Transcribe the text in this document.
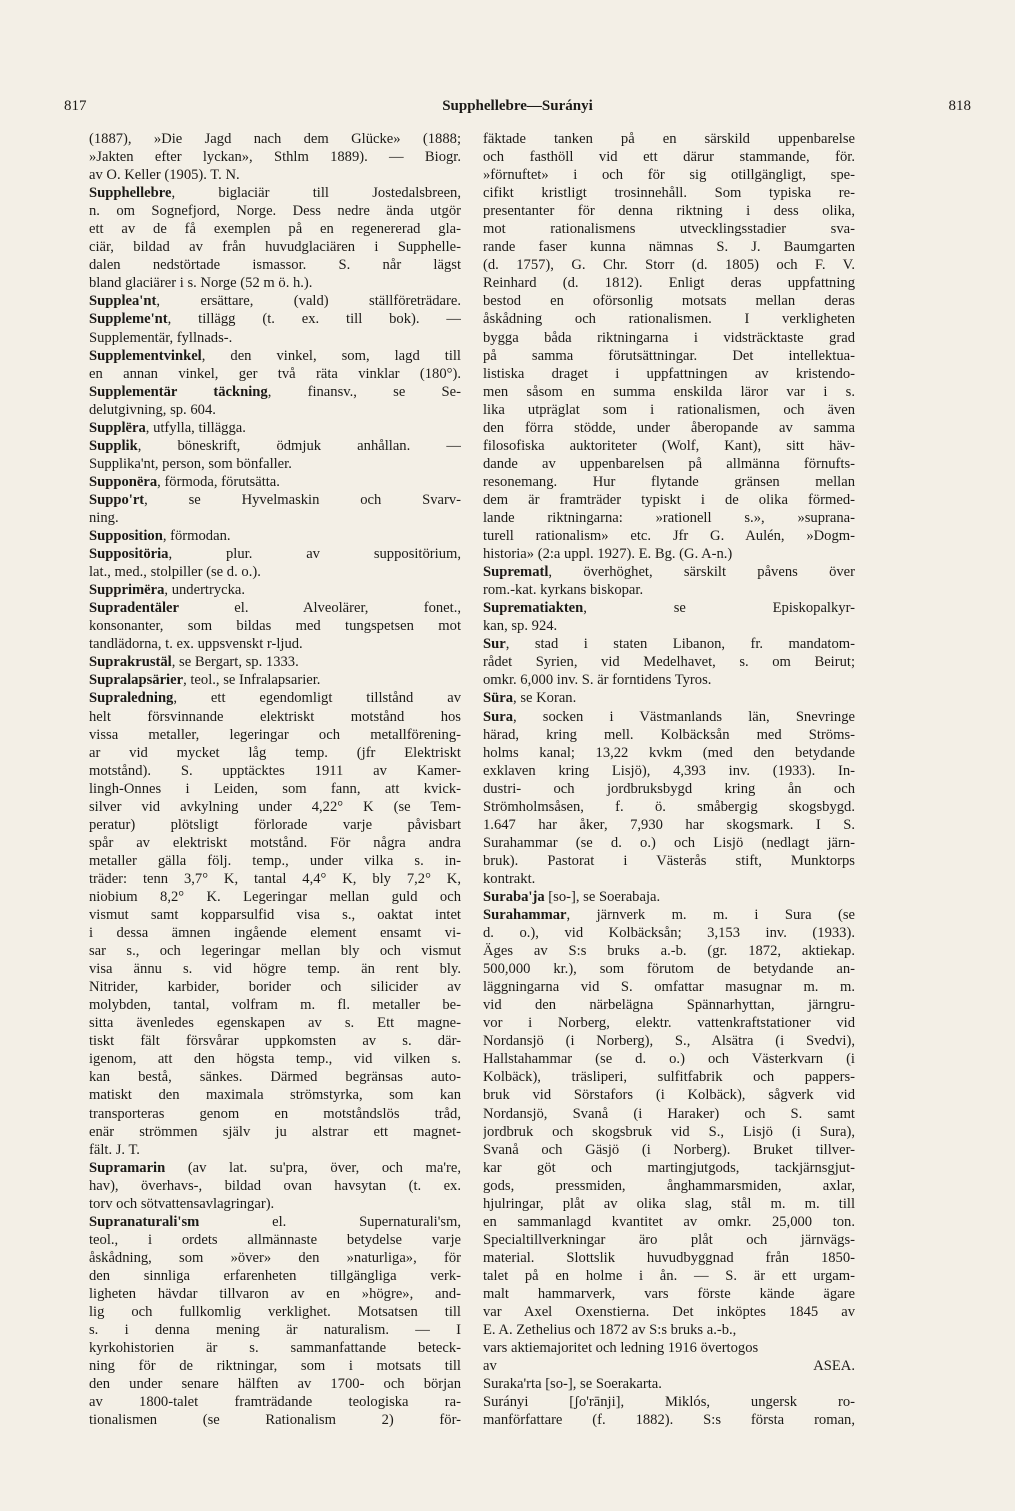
817	Supphellebre—Surányi	818
(1887), »Die Jagd nach dem Glücke» (1888;
»Jakten efter lyckan», Sthlm 1889). — Biogr.
av O. Keller (1905). T. N.
Supphellebre, biglaciär till Jostedalsbreen,
n. om Sognefjord, Norge. Dess nedre ända utgör
ett av de få exemplen på en regenererad gla-
ciär, bildad av från huvudglaciären i Supphelle-
dalen nedstörtade ismassor. S. når lägst
bland glaciärer i s. Norge (52 m ö. h.).
Supplea'nt, ersättare, (vald) ställföreträdare.
Suppleme'nt, tillägg (t. ex. till bok). —
Supplementär, fyllnads-.
Supplementvinkel, den vinkel, som, lagd till
en annan vinkel, ger två räta vinklar (180°).
Supplementär täckning, finansv., se Se-
delutgivning, sp. 604.
Supplëra, utfylla, tillägga.
Supplik, böneskrift, ödmjuk anhållan. —
Supplika'nt, person, som bönfaller.
Supponëra, förmoda, förutsätta.
Suppo'rt, se Hyvelmaskin och Svarv-
ning.
Supposition, förmodan.
Suppositöria, plur. av suppositörium,
lat., med., stolpiller (se d. o.).
Supprimëra, undertrycka.
Supradentäler el. Alveolärer, fonet.,
konsonanter, som bildas med tungspetsen mot
tandlädorna, t. ex. uppsvenskt r-ljud.
Suprakrustäl, se Bergart, sp. 1333.
Supralapsärier, teol., se Infralapsarier.
Supraledning, ett egendomligt tillstånd av
helt försvinnande elektriskt motstånd hos
vissa metaller, legeringar och metallförening-
ar vid mycket låg temp. (jfr Elektriskt
motstånd). S. upptäcktes 1911 av Kamer-
lingh-Onnes i Leiden, som fann, att kvick-
silver vid avkylning under 4,22° K (se Tem-
peratur) plötsligt förlorade varje påvisbart
spår av elektriskt motstånd. För några andra
metaller gälla följ. temp., under vilka s. in-
träder: tenn 3,7° K, tantal 4,4° K, bly 7,2° K,
niobium 8,2° K. Legeringar mellan guld och
vismut samt kopparsulfid visa s., oaktat intet
i dessa ämnen ingående element ensamt vi-
sar s., och legeringar mellan bly och vismut
visa ännu s. vid högre temp. än rent bly.
Nitrider, karbider, borider och silicider av
molybden, tantal, volfram m. fl. metaller be-
sitta ävenledes egenskapen av s. Ett magne-
tiskt fält försvårar uppkomsten av s. där-
igenom, att den högsta temp., vid vilken s.
kan bestå, sänkes. Därmed begränsas auto-
matiskt den maximala strömstyrka, som kan
transporteras genom en motståndslös tråd,
enär strömmen själv ju alstrar ett magnet-
fält. J. T.
Supramarin (av lat. su'pra, över, och ma're,
hav), överhavs-, bildad ovan havsytan (t. ex.
torv och sötvattensavlagringar).
Supranaturali'sm el. Supernaturali'sm,
teol., i ordets allmännaste betydelse varje
åskådning, som »över» den »naturliga», för
den sinnliga erfarenheten tillgängliga verk-
ligheten hävdar tillvaron av en »högre», and-
lig och fullkomlig verklighet. Motsatsen till
s. i denna mening är naturalism. — I
kyrkohistorien är s. sammanfattande beteck-
ning för de riktningar, som i motsats till
den under senare hälften av 1700- och början
av 1800-talet framträdande teologiska ra-
tionalismen (se Rationalism 2) för-
fäktade tanken på en särskild uppenbarelse
och fasthöll vid ett därur stammande, för.
»förnuftet» i och för sig otillgängligt, spe-
cifikt kristligt trosinnehåll. Som typiska re-
presentanter för denna riktning i dess olika,
mot rationalismens utvecklingsstadier sva-
rande faser kunna nämnas S. J. Baumgarten
(d. 1757), G. Chr. Storr (d. 1805) och F. V.
Reinhard (d. 1812). Enligt deras uppfattning
bestod en oförsonlig motsats mellan deras
åskådning och rationalismen. I verkligheten
bygga båda riktningarna i vidsträcktaste grad
på samma förutsättningar. Det intellektua-
listiska draget i uppfattningen av kristendo-
men såsom en summa enskilda läror var i s.
lika utpräglat som i rationalismen, och även
den förra stödde, under åberopande av samma
filosofiska auktoriteter (Wolf, Kant), sitt häv-
dande av uppenbarelsen på allmänna förnufts-
resonemang. Hur flytande gränsen mellan
dem är framträder typiskt i de olika förmed-
lande riktningarna: »rationell s.», »suprana-
turell rationalism» etc. Jfr G. Aulén, »Dogm-
historia» (2:a uppl. 1927). E. Bg. (G. A-n.)
Suprematl, överhöghet, särskilt påvens över
rom.-kat. kyrkans biskopar.
Suprematiakten, se Episkopalkyr-
kan, sp. 924.
Sur, stad i staten Libanon, fr. mandatom-
rådet Syrien, vid Medelhavet, s. om Beirut;
omkr. 6,000 inv. S. är forntidens Tyros.
Süra, se Koran.
Sura, socken i Västmanlands län, Snevringe
härad, kring mell. Kolbäcksån med Ströms-
holms kanal; 13,22 kvkm (med den betydande
exklaven kring Lisjö), 4,393 inv. (1933). In-
dustri- och jordbruksbygd kring ån och
Strömholmsåsen, f. ö. småbergig skogsbygd.
1.647 har åker, 7,930 har skogsmark. I S.
Surahammar (se d. o.) och Lisjö (nedlagt järn-
bruk). Pastorat i Västerås stift, Munktorps
kontrakt.
Suraba'ja [so-], se Soerabaja.
Surahammar, järnverk m. m. i Sura (se
d. o.), vid Kolbäcksån; 3,153 inv. (1933).
Äges av S:s bruks a.-b. (gr. 1872, aktiekap.
500,000 kr.), som förutom de betydande an-
läggningarna vid S. omfattar masugnar m. m.
vid den närbelägna Spännarhyttan, järngru-
vor i Norberg, elektr. vattenkraftstationer vid
Nordansjö (i Norberg), S., Alsätra (i Svedvi),
Hallstahammar (se d. o.) och Västerkvarn (i
Kolbäck), träsliperi, sulfitfabrik och pappers-
bruk vid Sörstafors (i Kolbäck), sågverk vid
Nordansjö, Svanå (i Haraker) och S. samt
jordbruk och skogsbruk vid S., Lisjö (i Sura),
Svanå och Gäsjö (i Norberg). Bruket tillver-
kar göt och martingjutgods, tackjärnsgjut-
gods, pressmiden, ånghammarsmiden, axlar,
hjulringar, plåt av olika slag, stål m. m. till
en sammanlagd kvantitet av omkr. 25,000 ton.
Specialtillverkningar äro plåt och järnvägs-
material. Slottslik huvudbyggnad från 1850-
talet på en holme i ån. — S. är ett urgam-
malt hammarverk, vars förste kände ägare
var Axel Oxenstierna. Det inköptes 1845 av
E. A. Zethelius och 1872 av S:s bruks a.-b.,
vars aktiemajoritet och ledning 1916 övertogos
av ASEA.
Suraka'rta [so-], se Soerakarta.
Surányi [ʃo'rānji], Miklós, ungersk ro-
manförfattare (f. 1882). S:s första roman,
